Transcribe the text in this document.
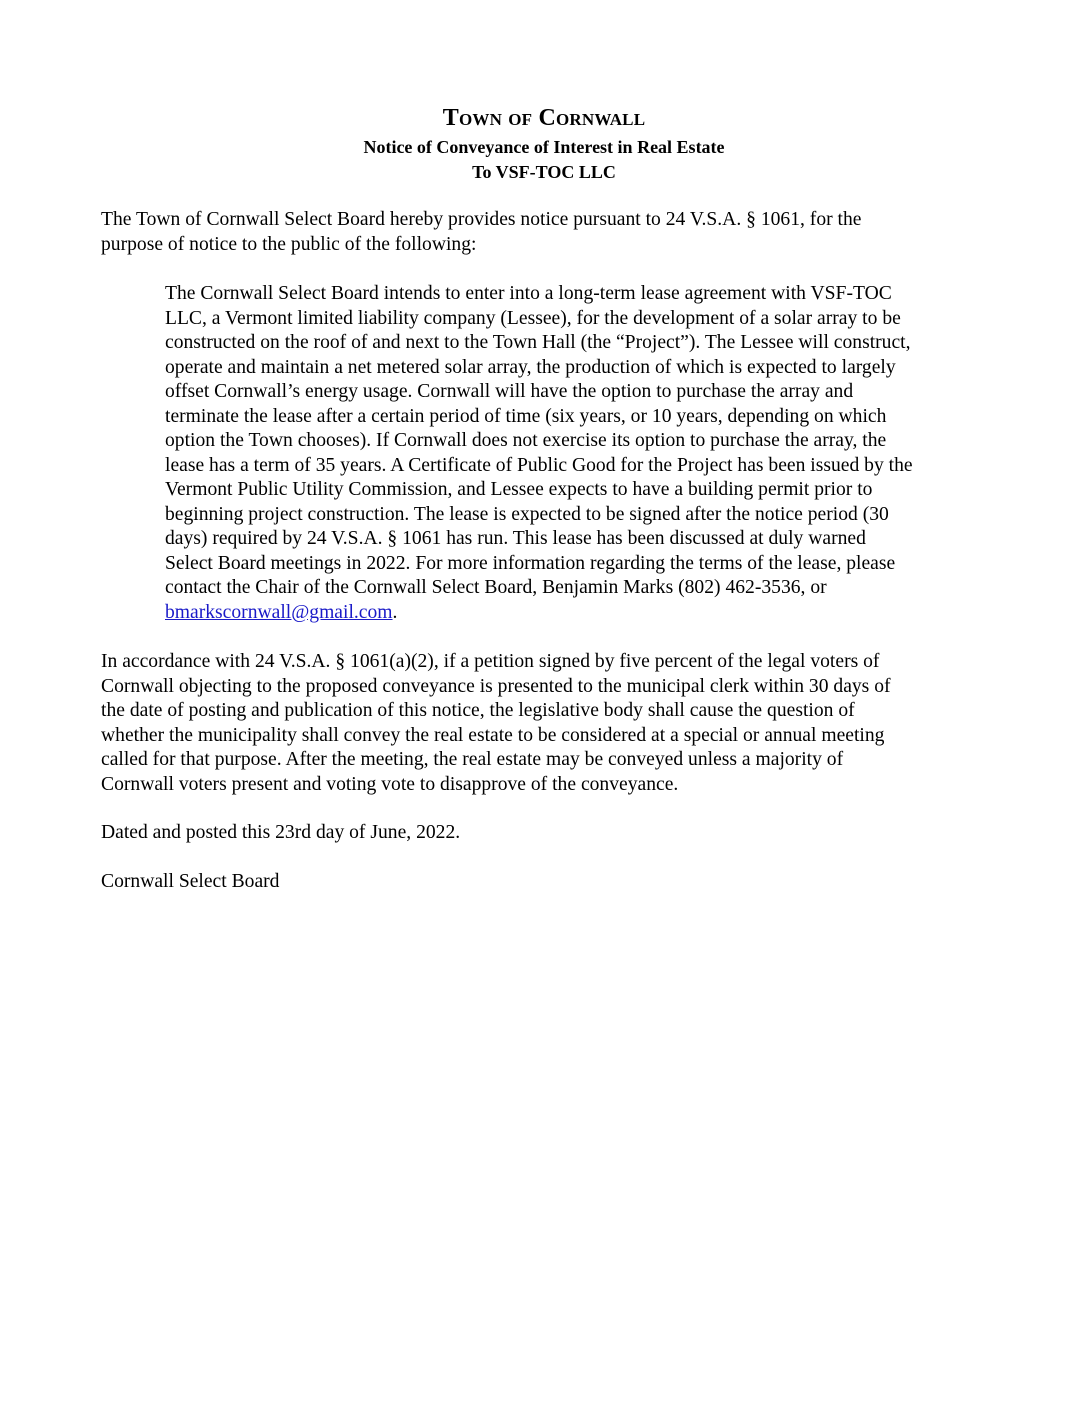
Town of Cornwall
Notice of Conveyance of Interest in Real Estate
To VSF-TOC LLC
The Town of Cornwall Select Board hereby provides notice pursuant to 24 V.S.A. § 1061, for the
purpose of notice to the public of the following:
The Cornwall Select Board intends to enter into a long-term lease agreement with VSF-TOC
LLC, a Vermont limited liability company (Lessee), for the development of a solar array to be
constructed on the roof of and next to the Town Hall (the “Project”). The Lessee will construct,
operate and maintain a net metered solar array, the production of which is expected to largely
offset Cornwall’s energy usage. Cornwall will have the option to purchase the array and
terminate the lease after a certain period of time (six years, or 10 years, depending on which
option the Town chooses). If Cornwall does not exercise its option to purchase the array, the
lease has a term of 35 years. A Certificate of Public Good for the Project has been issued by the
Vermont Public Utility Commission, and Lessee expects to have a building permit prior to
beginning project construction. The lease is expected to be signed after the notice period (30
days) required by 24 V.S.A. § 1061 has run. This lease has been discussed at duly warned
Select Board meetings in 2022. For more information regarding the terms of the lease, please
contact the Chair of the Cornwall Select Board, Benjamin Marks (802) 462-3536, or
bmarkscornwall@gmail.com.
In accordance with 24 V.S.A. § 1061(a)(2), if a petition signed by five percent of the legal voters of
Cornwall objecting to the proposed conveyance is presented to the municipal clerk within 30 days of
the date of posting and publication of this notice, the legislative body shall cause the question of
whether the municipality shall convey the real estate to be considered at a special or annual meeting
called for that purpose. After the meeting, the real estate may be conveyed unless a majority of
Cornwall voters present and voting vote to disapprove of the conveyance.
Dated and posted this 23rd day of June, 2022.
Cornwall Select Board
